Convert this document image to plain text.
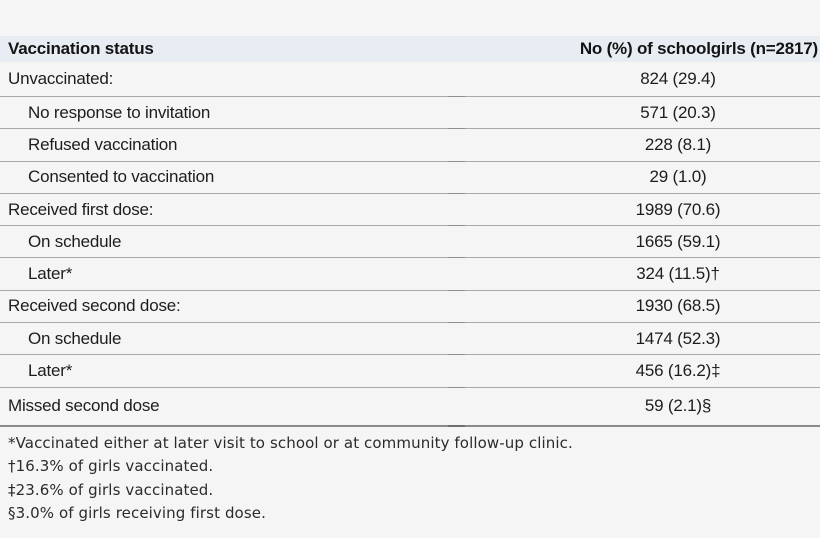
Vaccination status	No (%) of schoolgirls (n=2817)
Unvaccinated:	824 (29.4)
No response to invitation	571 (20.3)
Refused vaccination	228 (8.1)
Consented to vaccination	29 (1.0)
Received first dose:	1989 (70.6)
On schedule	1665 (59.1)
Later*	324 (11.5)†
Received second dose:	1930 (68.5)
On schedule	1474 (52.3)
Later*	456 (16.2)‡
Missed second dose	59 (2.1)§
*Vaccinated either at later visit to school or at community follow-up clinic.
†16.3% of girls vaccinated.
‡23.6% of girls vaccinated.
§3.0% of girls receiving first dose.
